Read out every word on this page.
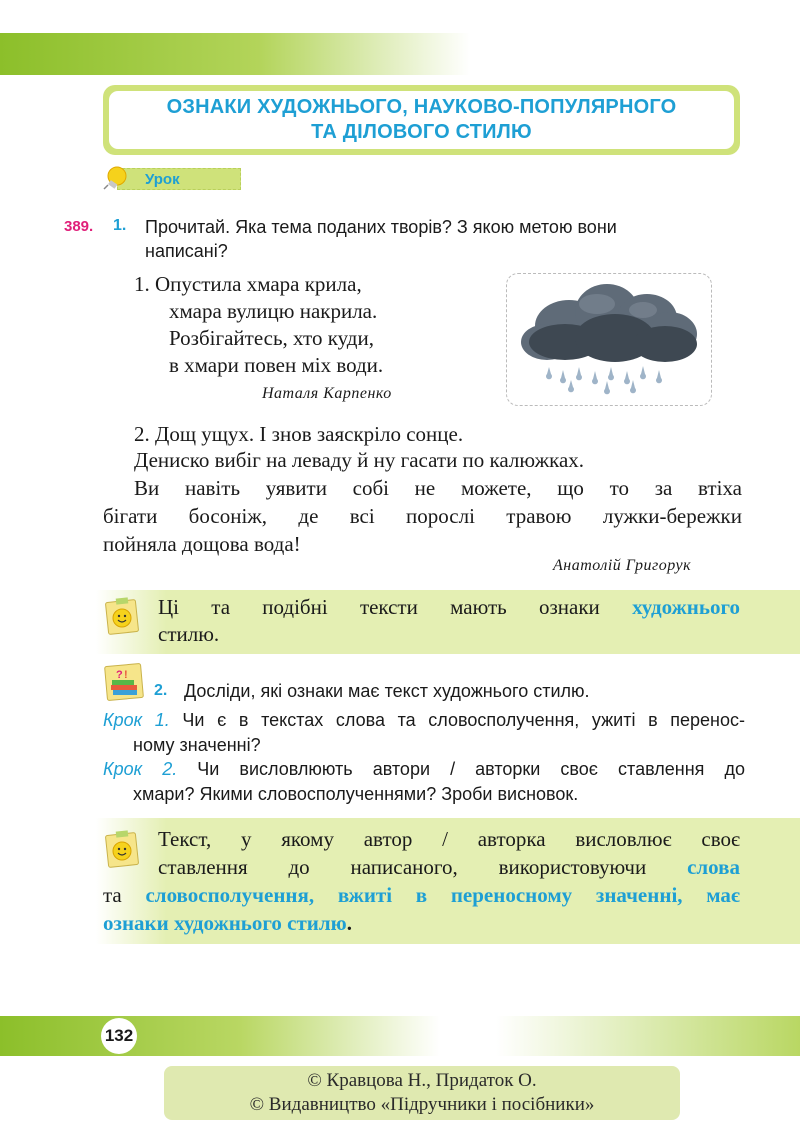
ОЗНАКИ ХУДОЖНЬОГО, НАУКОВО-ПОПУЛЯРНОГО
ТА ДІЛОВОГО СТИЛЮ
Урок
389. 1. Прочитай. Яка тема поданих творів? З якою метою вони
написані?
1. Опустила хмара крила,
хмара вулицю накрила.
Розбігайтесь, хто куди,
в хмари повен міх води.
Наталя Карпенко
2. Дощ ущух. І знов заяскріло сонце.
Дениско вибіг на леваду й ну гасати по калюжках.
Ви навіть уявити собі не можете, що то за втіха
бігати босоніж, де всі порослі травою лужки-бережки
пойняла дощова вода!
Анатолій Григорук
Ці та подібні тексти мають ознаки художнього
стилю.
? !
2. Досліди, які ознаки має текст художнього стилю.
Крок 1. Чи є в текстах слова та словосполучення, ужиті в перенос-
ному значенні?
Крок 2. Чи висловлюють автори / авторки своє ставлення до
хмари? Якими словосполученнями? Зроби висновок.
Текст, у якому автор / авторка висловлює своє
ставлення до написаного, використовуючи слова
та словосполучення, вжиті в переносному значенні, має
ознаки художнього стилю.
132
© Кравцова Н., Придаток О.
© Видавництво «Підручники і посібники»
